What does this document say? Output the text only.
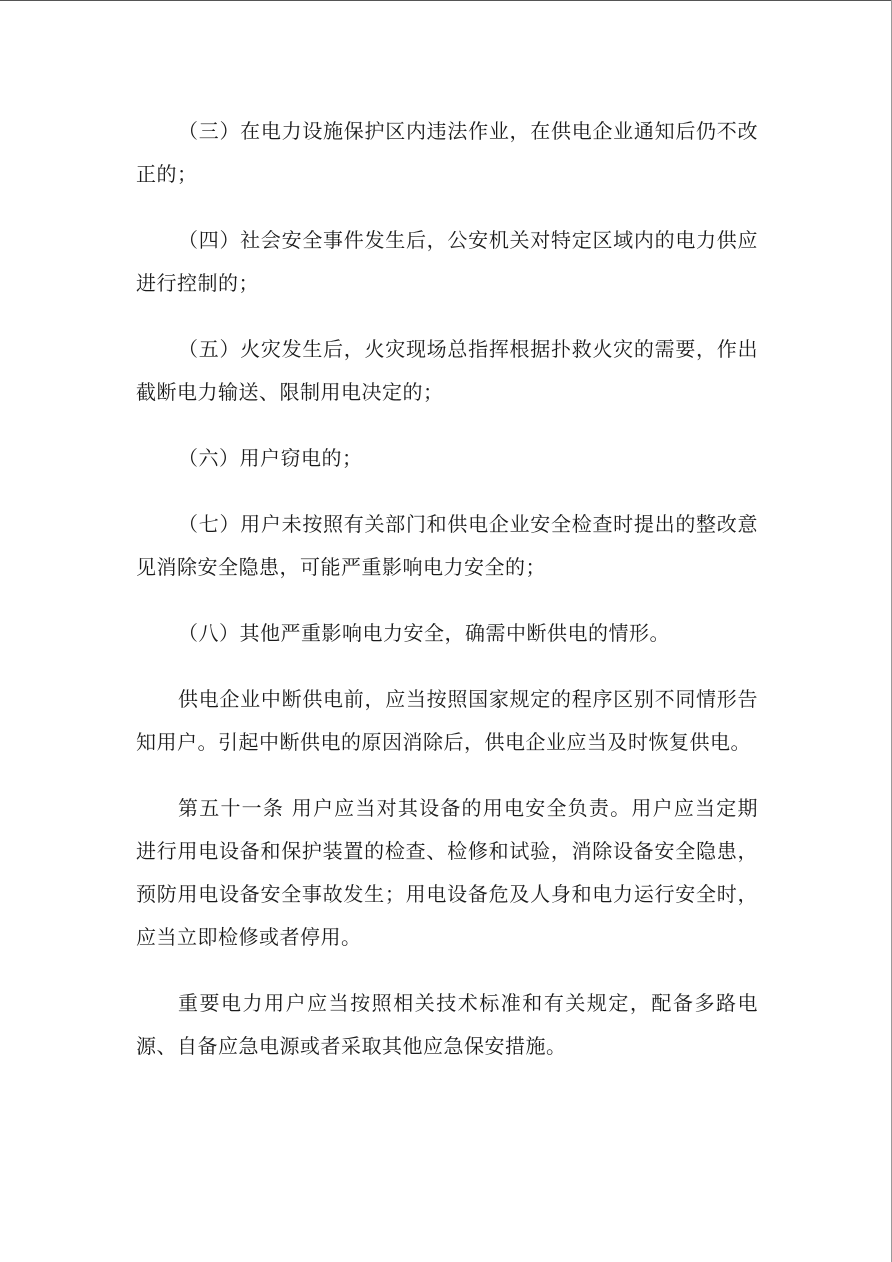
（三）在电力设施保护区内违法作业，在供电企业通知后仍不改正的；

（四）社会安全事件发生后，公安机关对特定区域内的电力供应进行控制的；

（五）火灾发生后，火灾现场总指挥根据扑救火灾的需要，作出截断电力输送、限制用电决定的；

（六）用户窃电的；

（七）用户未按照有关部门和供电企业安全检查时提出的整改意见消除安全隐患，可能严重影响电力安全的；

（八）其他严重影响电力安全，确需中断供电的情形。

供电企业中断供电前，应当按照国家规定的程序区别不同情形告知用户。引起中断供电的原因消除后，供电企业应当及时恢复供电。

第五十一条 用户应当对其设备的用电安全负责。用户应当定期进行用电设备和保护装置的检查、检修和试验，消除设备安全隐患，预防用电设备安全事故发生；用电设备危及人身和电力运行安全时，应当立即检修或者停用。

重要电力用户应当按照相关技术标准和有关规定，配备多路电源、自备应急电源或者采取其他应急保安措施。
